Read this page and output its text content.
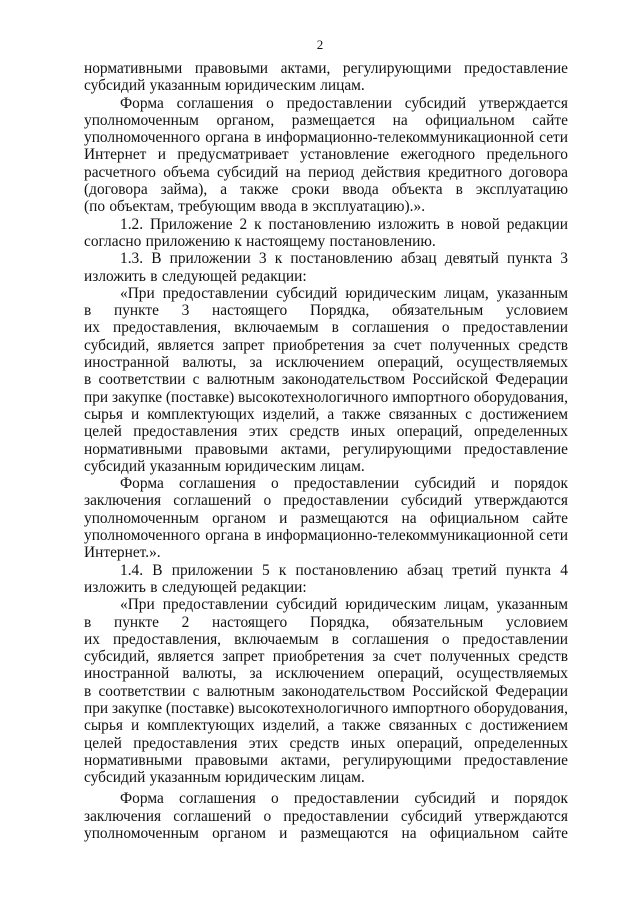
2
нормативными правовыми актами, регулирующими предоставление
субсидий указанным юридическим лицам.
Форма соглашения о предоставлении субсидий утверждается
уполномоченным органом, размещается на официальном сайте
уполномоченного органа в информационно-телекоммуникационной сети
Интернет и предусматривает установление ежегодного предельного
расчетного объема субсидий на период действия кредитного договора
(договора займа), а также сроки ввода объекта в эксплуатацию
(по объектам, требующим ввода в эксплуатацию).».
1.2. Приложение 2 к постановлению изложить в новой редакции
согласно приложению к настоящему постановлению.
1.3. В приложении 3 к постановлению абзац девятый пункта 3
изложить в следующей редакции:
«При предоставлении субсидий юридическим лицам, указанным
в пункте 3 настоящего Порядка, обязательным условием
их предоставления, включаемым в соглашения о предоставлении
субсидий, является запрет приобретения за счет полученных средств
иностранной валюты, за исключением операций, осуществляемых
в соответствии с валютным законодательством Российской Федерации
при закупке (поставке) высокотехнологичного импортного оборудования,
сырья и комплектующих изделий, а также связанных с достижением
целей предоставления этих средств иных операций, определенных
нормативными правовыми актами, регулирующими предоставление
субсидий указанным юридическим лицам.
Форма соглашения о предоставлении субсидий и порядок
заключения соглашений о предоставлении субсидий утверждаются
уполномоченным органом и размещаются на официальном сайте
уполномоченного органа в информационно-телекоммуникационной сети
Интернет.».
1.4. В приложении 5 к постановлению абзац третий пункта 4
изложить в следующей редакции:
«При предоставлении субсидий юридическим лицам, указанным
в пункте 2 настоящего Порядка, обязательным условием
их предоставления, включаемым в соглашения о предоставлении
субсидий, является запрет приобретения за счет полученных средств
иностранной валюты, за исключением операций, осуществляемых
в соответствии с валютным законодательством Российской Федерации
при закупке (поставке) высокотехнологичного импортного оборудования,
сырья и комплектующих изделий, а также связанных с достижением
целей предоставления этих средств иных операций, определенных
нормативными правовыми актами, регулирующими предоставление
субсидий указанным юридическим лицам.
Форма соглашения о предоставлении субсидий и порядок
заключения соглашений о предоставлении субсидий утверждаются
уполномоченным органом и размещаются на официальном сайте
